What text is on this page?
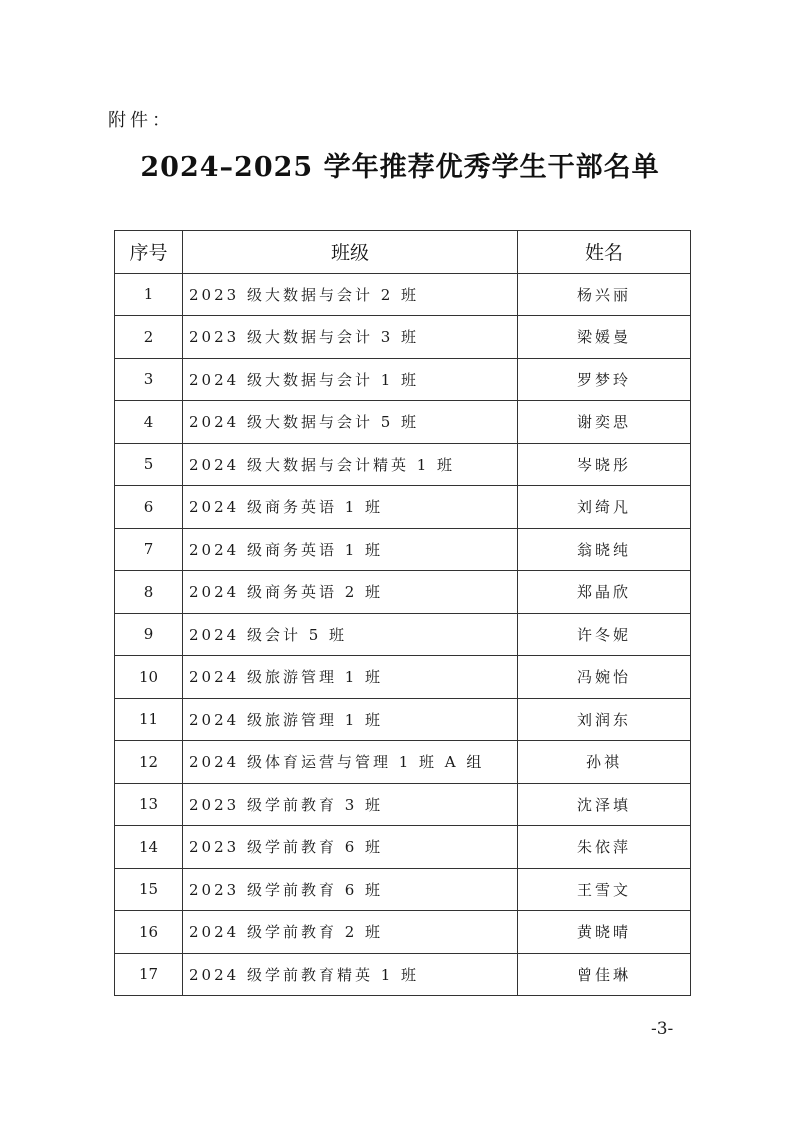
附件：
2024–2025 学年推荐优秀学生干部名单
序号	班级	姓名
1	2023 级大数据与会计 2 班	杨兴丽
2	2023 级大数据与会计 3 班	梁媛曼
3	2024 级大数据与会计 1 班	罗梦玲
4	2024 级大数据与会计 5 班	谢奕思
5	2024 级大数据与会计精英 1 班	岑晓彤
6	2024 级商务英语 1 班	刘绮凡
7	2024 级商务英语 1 班	翁晓纯
8	2024 级商务英语 2 班	郑晶欣
9	2024 级会计 5 班	许冬妮
10	2024 级旅游管理 1 班	冯婉怡
11	2024 级旅游管理 1 班	刘润东
12	2024 级体育运营与管理 1 班 A 组	孙祺
13	2023 级学前教育 3 班	沈泽填
14	2023 级学前教育 6 班	朱依萍
15	2023 级学前教育 6 班	王雪文
16	2024 级学前教育 2 班	黄晓晴
17	2024 级学前教育精英 1 班	曾佳琳
-3-
